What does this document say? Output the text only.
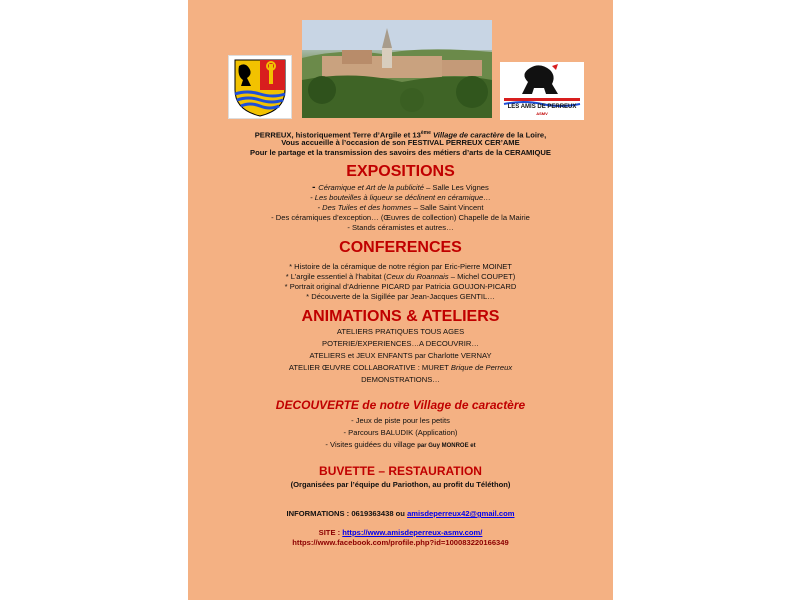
LES AMIS DE PERREUX
ASMV
PERREUX, historiquement Terre d’Argile et 13ème Village de caractère de la Loire,
Vous accueille à l’occasion de son FESTIVAL PERREUX CER’AME
Pour le partage et la transmission des savoirs des métiers d’arts de la CERAMIQUE
EXPOSITIONS
- Céramique et Art de la publicité – Salle Les Vignes
- Les bouteilles à liqueur se déclinent en céramique…
- Des Tuiles et des hommes – Salle Saint Vincent
- Des céramiques d’exception… (Œuvres de collection) Chapelle de la Mairie
- Stands céramistes et autres…
CONFERENCES
* Histoire de la céramique de notre région par Eric-Pierre MOINET
* L’argile essentiel à l’habitat (Ceux du Roannais – Michel COUPET)
* Portrait original d’Adrienne PICARD par Patricia GOUJON-PICARD
* Découverte de la Sigillée par Jean-Jacques GENTIL…
ANIMATIONS & ATELIERS
ATELIERS PRATIQUES TOUS AGES
POTERIE/EXPERIENCES…A DECOUVRIR…
ATELIERS et JEUX ENFANTS par Charlotte VERNAY
ATELIER ŒUVRE COLLABORATIVE : MURET Brique de Perreux
DEMONSTRATIONS…
DECOUVERTE de notre Village de caractère
- Jeux de piste pour les petits
- Parcours BALUDIK (Application)
- Visites guidées du village par Guy MONROE et
BUVETTE – RESTAURATION
(Organisées par l’équipe du Pariothon, au profit du Téléthon)
INFORMATIONS : 0619363438 ou amisdeperreux42@gmail.com
SITE : https://www.amisdeperreux-asmv.com/
https://www.facebook.com/profile.php?id=100083220166349
